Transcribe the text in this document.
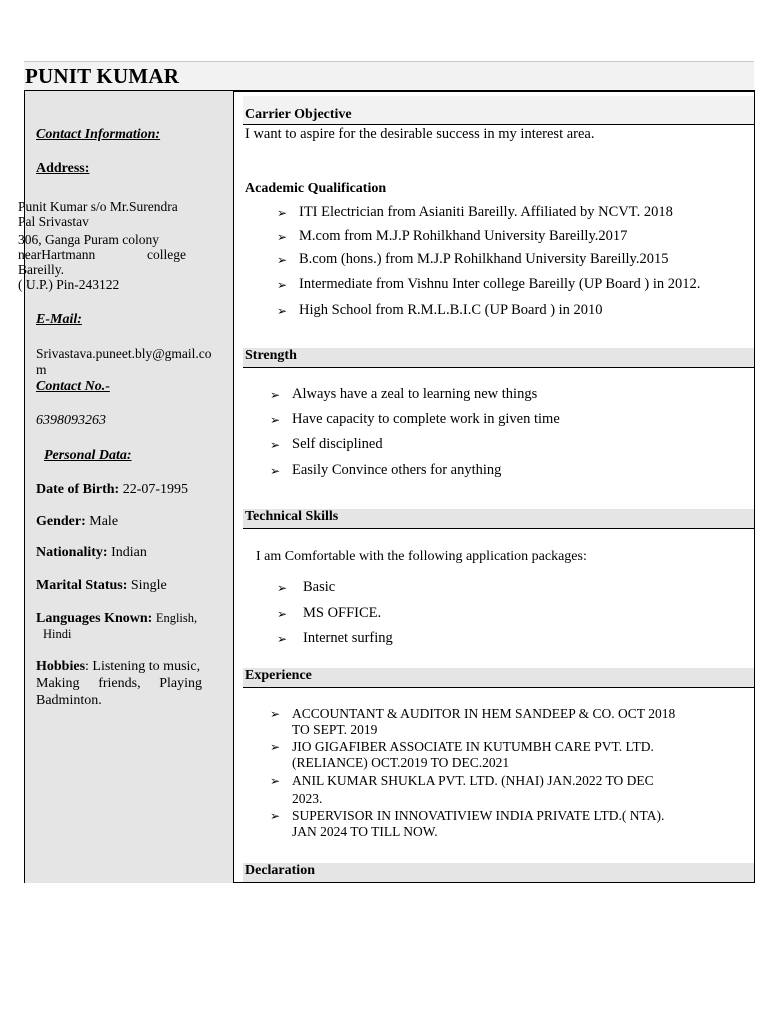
PUNIT KUMAR
Contact Information:
Address:
Punit Kumar s/o Mr.Surendra
Pal Srivastav
306, Ganga Puram colony
nearHartmann college
Bareilly.
( U.P.) Pin-243122
E-Mail:
Srivastava.puneet.bly@gmail.co
m
Contact No.-
6398093263
Personal Data:
Date of Birth: 22-07-1995
Gender: Male
Nationality: Indian
Marital Status: Single
Languages Known: English,
Hindi
Hobbies: Listening to music,
Making friends, Playing
Badminton.
Carrier Objective
I want to aspire for the desirable success in my interest area.
Academic Qualification
➢ ITI Electrician from Asianiti Bareilly. Affiliated by NCVT. 2018
➢ M.com from M.J.P Rohilkhand University Bareilly.2017
➢ B.com (hons.) from M.J.P Rohilkhand University Bareilly.2015
➢ Intermediate from Vishnu Inter college Bareilly (UP Board ) in 2012.
➢ High School from R.M.L.B.I.C (UP Board ) in 2010
Strength
➢ Always have a zeal to learning new things
➢ Have capacity to complete work in given time
➢ Self disciplined
➢ Easily Convince others for anything
Technical Skills
I am Comfortable with the following application packages:
➢ Basic
➢ MS OFFICE.
➢ Internet surfing
Experience
➢ ACCOUNTANT & AUDITOR IN HEM SANDEEP & CO. OCT 2018
TO SEPT. 2019
➢ JIO GIGAFIBER ASSOCIATE IN KUTUMBH CARE PVT. LTD.
(RELIANCE) OCT.2019 TO DEC.2021
➢ ANIL KUMAR SHUKLA PVT. LTD. (NHAI) JAN.2022 TO DEC
2023.
➢ SUPERVISOR IN INNOVATIVIEW INDIA PRIVATE LTD.( NTA).
JAN 2024 TO TILL NOW.
Declaration
